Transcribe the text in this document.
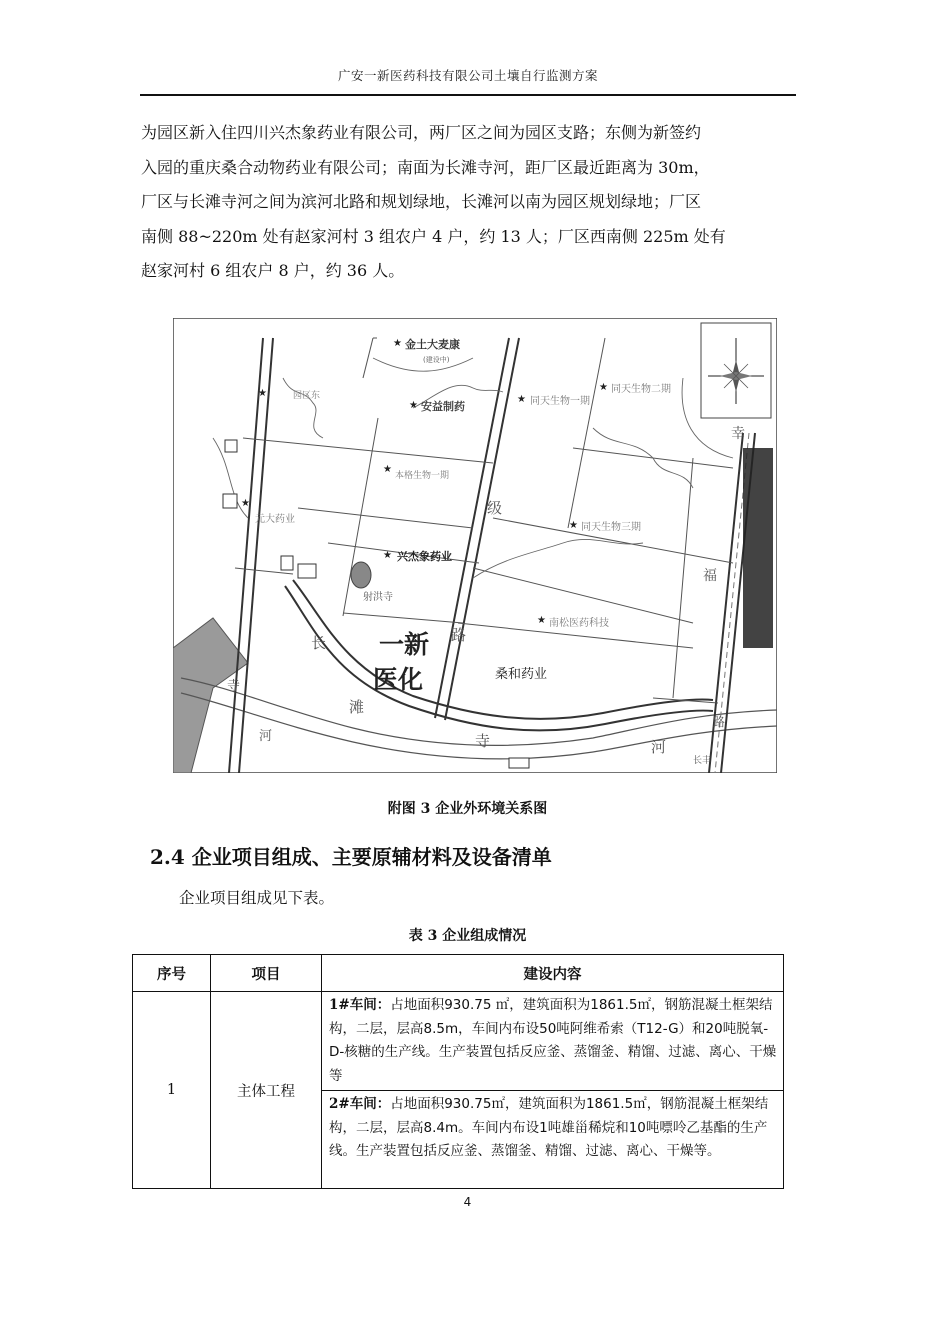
广安一新医药科技有限公司土壤自行监测方案

为园区新入住四川兴杰象药业有限公司，两厂区之间为园区支路；东侧为新签约

入园的重庆桑合动物药业有限公司；南面为长滩寺河，距厂区最近距离为 30m，

厂区与长滩寺河之间为滨河北路和规划绿地，长滩河以南为园区规划绿地；厂区

南侧 88~220m 处有赵家河村 3 组农户 4 户，约 13 人；厂区西南侧 225m 处有

赵家河村 6 组农户 8 户，约 36 人。

★
★
★
★
★
★
★
★
★
★
金土大麦康
(建设中)
安益制药	同天生物一期
同天生物二期
元大药业
本格生物一期
兴杰象药业
同天生物三期
射洪寺
南松医药科技
桑和药业
一新
医化
长
滩
寺	河
路
级
寺
河
幸
福
路
园区东
长丰
附图 3 企业外环境关系图
2.4 企业项目组成、主要原辅材料及设备清单
企业项目组成见下表。
表 3 企业组成情况
序号	项目	建设内容
1	主体工程	1#车间：占地面积930.75 ㎡，建筑面积为1861.5㎡，钢筋混凝土框架结构，二层，层高8.5m，车间内布设50吨阿维希索（T12-G）和20吨脱氧-D-核糖的生产线。生产装置包括反应釜、蒸馏釜、精馏、过滤、离心、干燥等
		2#车间：占地面积930.75㎡，建筑面积为1861.5㎡，钢筋混凝土框架结构，二层，层高8.4m。车间内布设1吨雄甾稀烷和10吨嘌呤乙基酯的生产线。生产装置包括反应釜、蒸馏釜、精馏、过滤、离心、干燥等。
4
